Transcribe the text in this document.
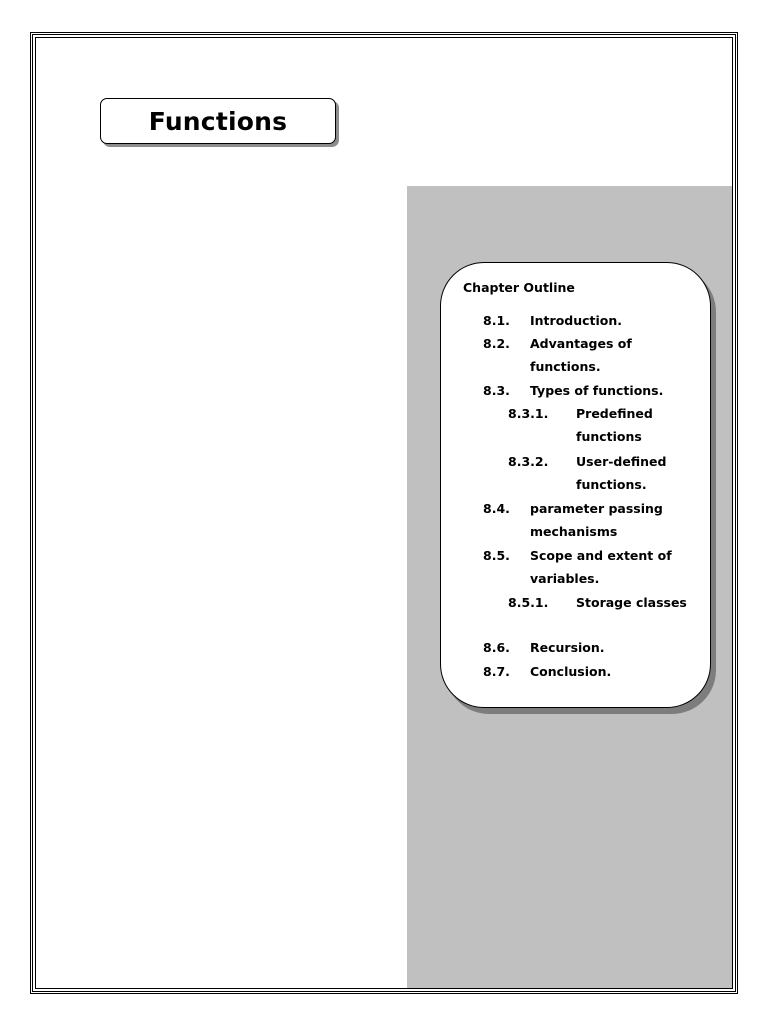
Functions
Chapter Outline
8.1. Introduction.
8.2. Advantages of
functions.
8.3. Types of functions.
8.3.1. Predefined
functions
8.3.2. User-defined
functions.
8.4. parameter passing
mechanisms
8.5. Scope and extent of
variables.
8.5.1. Storage classes
8.6. Recursion.
8.7. Conclusion.
